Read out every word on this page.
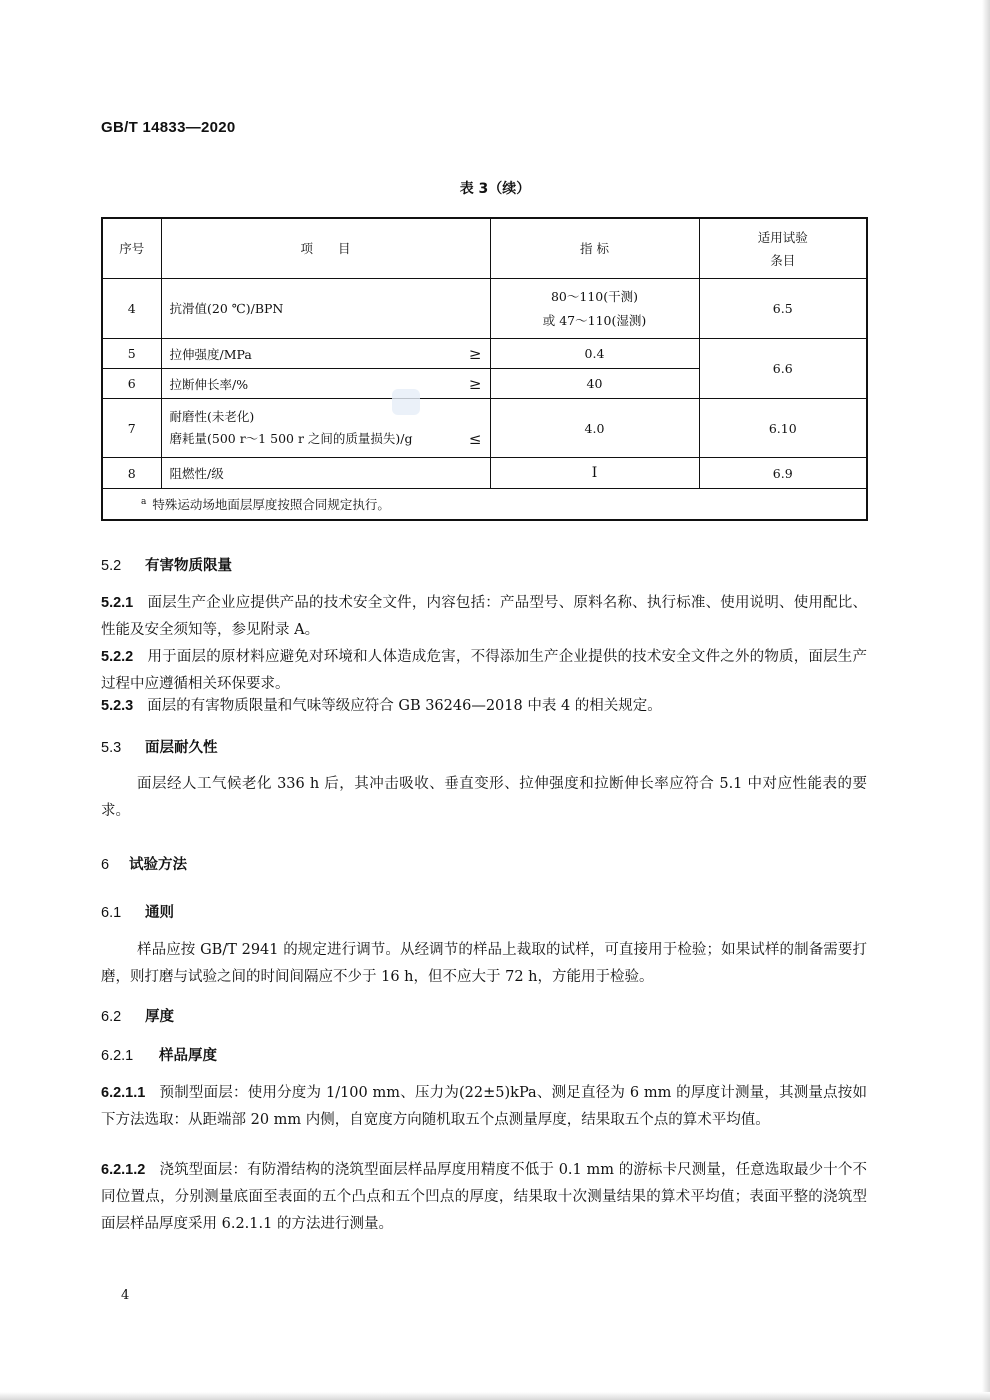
GB/T 14833—2020
表 3（续）
序号	项　　目	指 标	适用试验
条目

4	抗滑值(20 ℃)/BPN	80～110(干测)
或 47～110(湿测)	6.5
5	拉伸强度/MPa ≥	0.4	6.6
6	拉断伸长率/% ≥	40	
7	耐磨性(未老化)
磨耗量(500 r～1 500 r 之间的质量损失)/g ≤	4.0	6.10
8	阻燃性/级	Ⅰ	6.9
$^a$ 特殊运动场地面层厚度按照合同规定执行。			
5.2 有害物质限量
5.2.1 面层生产企业应提供产品的技术安全文件，内容包括：产品型号、原料名称、执行标准、使用说明、使用配比、性能及安全须知等，参见附录 A。
5.2.2 用于面层的原材料应避免对环境和人体造成危害，不得添加生产企业提供的技术安全文件之外的物质，面层生产过程中应遵循相关环保要求。
5.2.3 面层的有害物质限量和气味等级应符合 GB 36246—2018 中表 4 的相关规定。
5.3 面层耐久性
面层经人工气候老化 336 h 后，其冲击吸收、垂直变形、拉伸强度和拉断伸长率应符合 5.1 中对应性能表的要求。
6 试验方法
6.1 通则
样品应按 GB/T 2941 的规定进行调节。从经调节的样品上裁取的试样，可直接用于检验；如果试样的制备需要打磨，则打磨与试验之间的时间间隔应不少于 16 h，但不应大于 72 h，方能用于检验。
6.2 厚度
6.2.1 样品厚度
6.2.1.1 预制型面层：使用分度为 1/100 mm、压力为(22±5)kPa、测足直径为 6 mm 的厚度计测量，其测量点按如下方法选取：从距端部 20 mm 内侧，自宽度方向随机取五个点测量厚度，结果取五个点的算术平均值。
6.2.1.2 浇筑型面层：有防滑结构的浇筑型面层样品厚度用精度不低于 0.1 mm 的游标卡尺测量，任意选取最少十个不同位置点，分别测量底面至表面的五个凸点和五个凹点的厚度，结果取十次测量结果的算术平均值；表面平整的浇筑型面层样品厚度采用 6.2.1.1 的方法进行测量。
4
